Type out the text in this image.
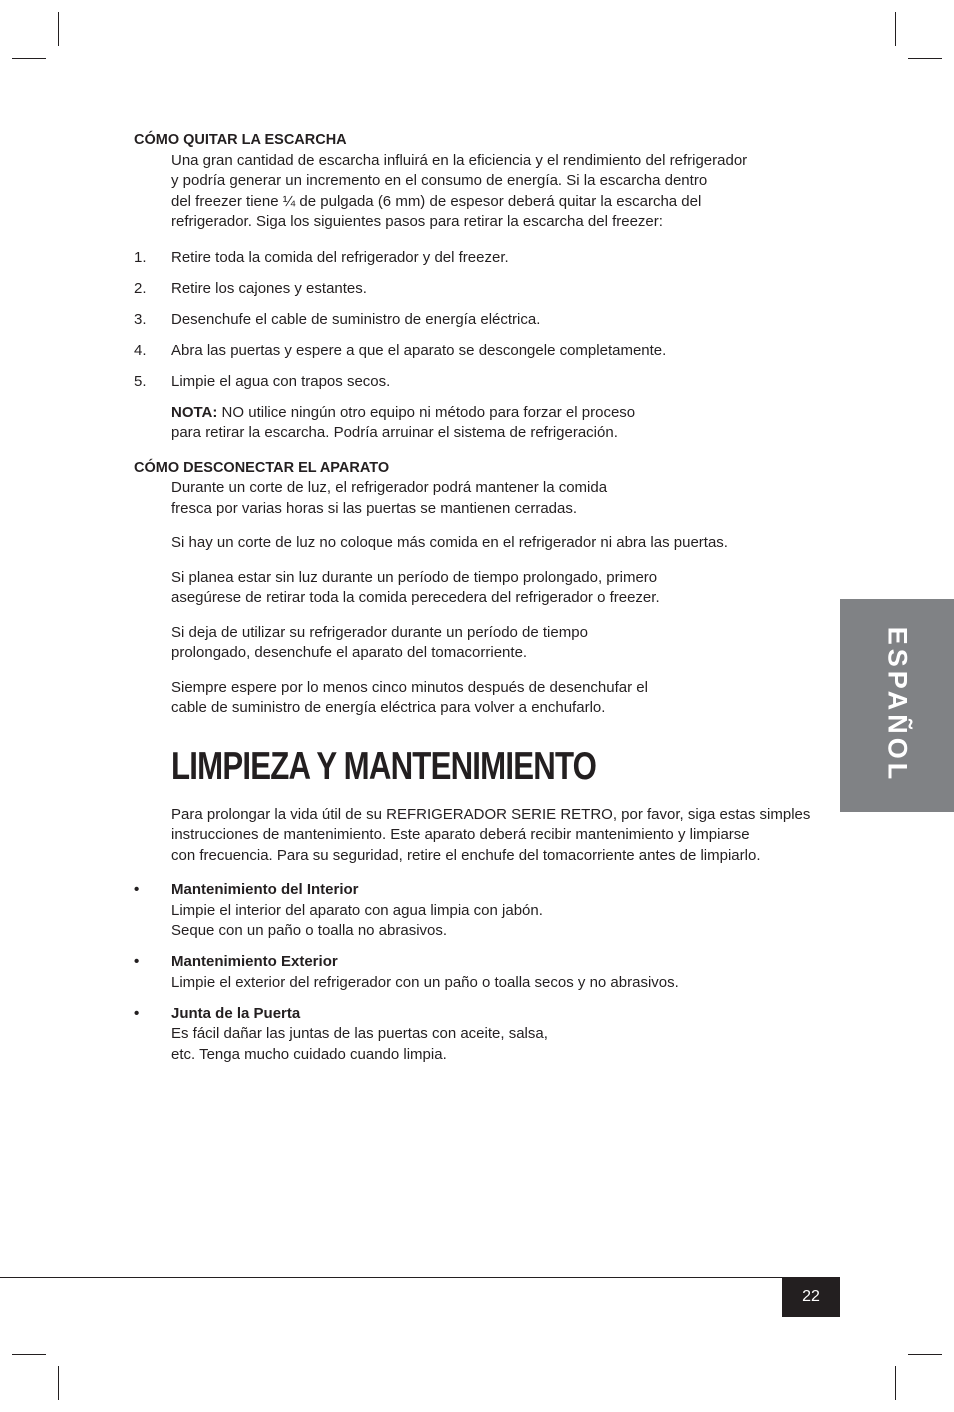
CÓMO QUITAR LA ESCARCHA

Una gran cantidad de escarcha influirá en la eficiencia y el rendimiento del refrigerador

y podría generar un incremento en el consumo de energía. Si la escarcha dentro

del freezer tiene ¼ de pulgada (6 mm) de espesor deberá quitar la escarcha del

refrigerador. Siga los siguientes pasos para retirar la escarcha del freezer:

1.	Retire toda la comida del refrigerador y del freezer.
2.	Retire los cajones y estantes.
3.	Desenchufe el cable de suministro de energía eléctrica.
4.	Abra las puertas y espere a que el aparato se descongele completamente.
5.	Limpie el agua con trapos secos.

NOTA: NO utilice ningún otro equipo ni método para forzar el proceso

para retirar la escarcha. Podría arruinar el sistema de refrigeración.

CÓMO DESCONECTAR EL APARATO

Durante un corte de luz, el refrigerador podrá mantener la comida

fresca por varias horas si las puertas se mantienen cerradas.

Si hay un corte de luz no coloque más comida en el refrigerador ni abra las puertas.

Si planea estar sin luz durante un período de tiempo prolongado, primero

asegúrese de retirar toda la comida perecedera del refrigerador o freezer.

Si deja de utilizar su refrigerador durante un período de tiempo

prolongado, desenchufe el aparato del tomacorriente.

Siempre espere por lo menos cinco minutos después de desenchufar el

cable de suministro de energía eléctrica para volver a enchufarlo.

LIMPIEZA Y MANTENIMIENTO

Para prolongar la vida útil de su REFRIGERADOR SERIE RETRO, por favor, siga estas simples

instrucciones de mantenimiento. Este aparato deberá recibir mantenimiento y limpiarse

con frecuencia. Para su seguridad, retire el enchufe del tomacorriente antes de limpiarlo.

•	Mantenimiento del Interior

Limpie el interior del aparato con agua limpia con jabón.

Seque con un paño o toalla no abrasivos.

•	Mantenimiento Exterior

Limpie el exterior del refrigerador con un paño o toalla secos y no abrasivos.

•	Junta de la Puerta

Es fácil dañar las juntas de las puertas con aceite, salsa,

etc. Tenga mucho cuidado cuando limpia.

ESPAÑOL
22
